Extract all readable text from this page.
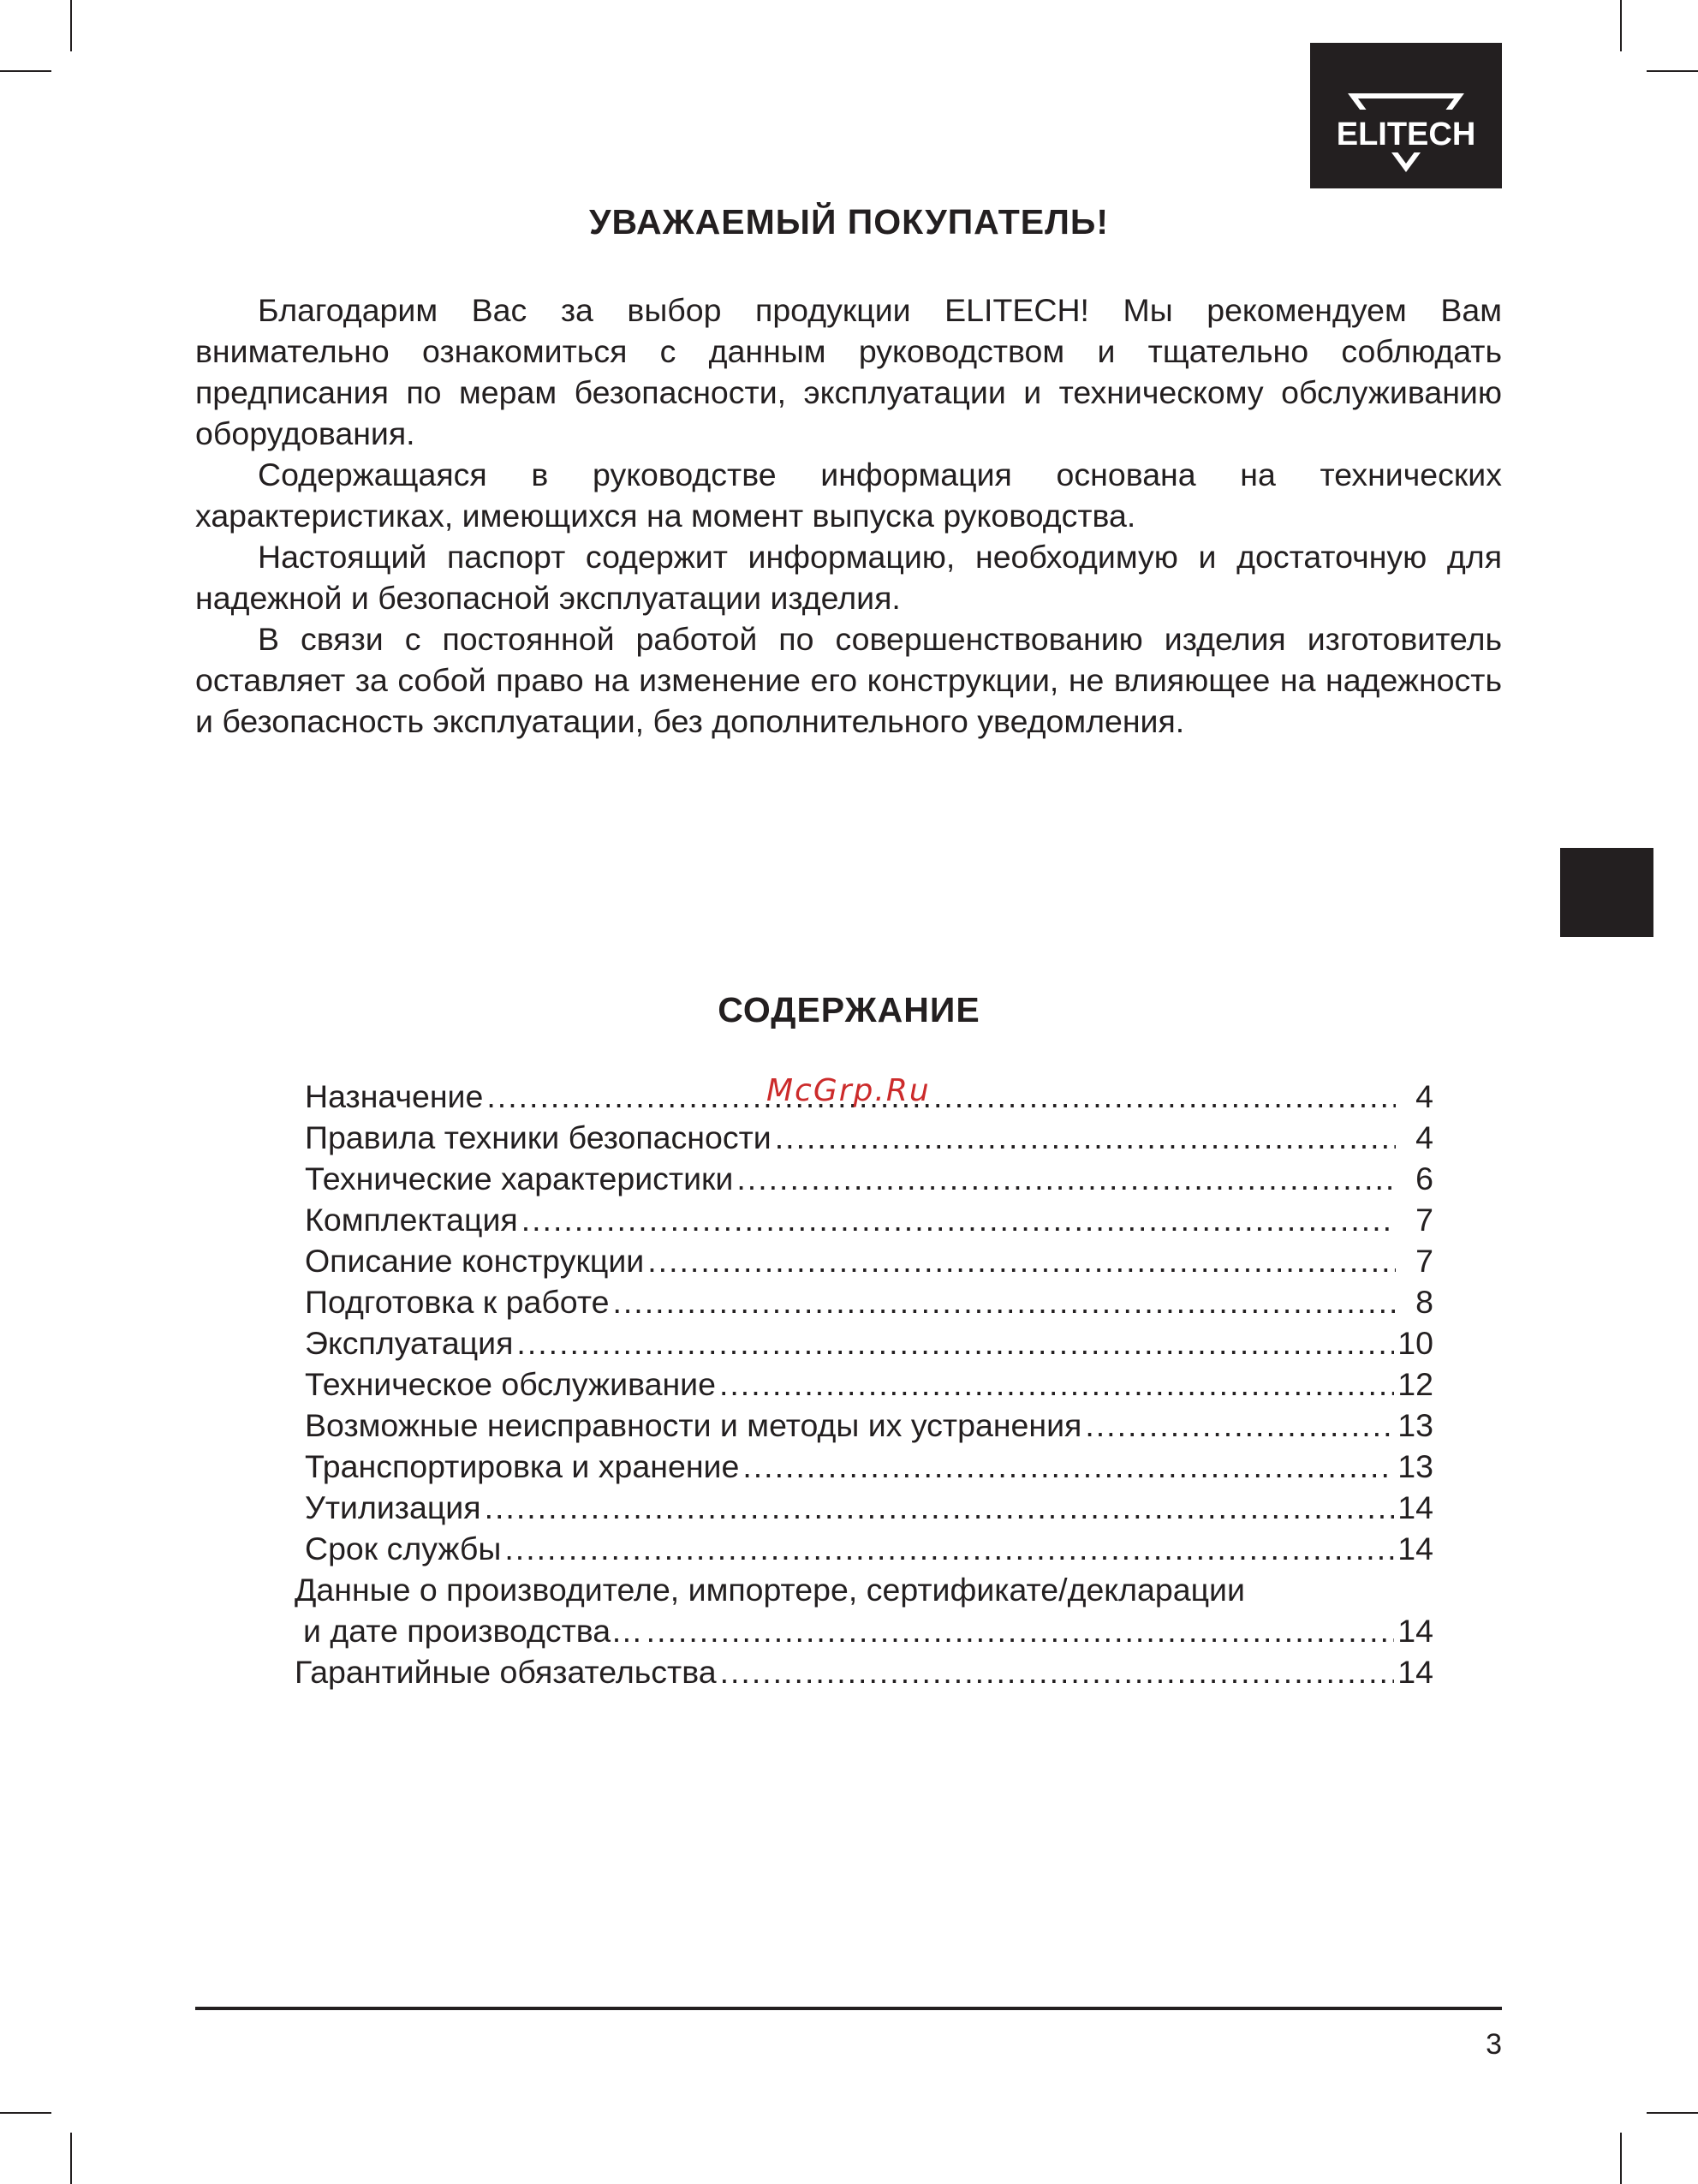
ELITECH
УВАЖАЕМЫЙ ПОКУПАТЕЛЬ!

Благодарим Вас за выбор продукции ELITECH! Мы рекомендуем Вам внимательно ознакомиться с данным руководством и тщательно соблюдать предписания по мерам безопасности, эксплуатации и техническому обслуживанию оборудования.

Содержащаяся в руководстве информация основана на технических характеристиках, имеющихся на момент выпуска руководства.

Настоящий паспорт содержит информацию, необходимую и достаточную для надежной и безопасной эксплуатации изделия.

В связи с постоянной работой по совершенствованию изделия изготовитель оставляет за собой право на изменение его конструкции, не влияющее на надежность и безопасность эксплуатации, без дополнительного уведомления.

СОДЕРЖАНИЕ
Назначение .....	4
Правила техники безопасности .....	4
Технические характеристики .....	6
Комплектация .....	7
Описание конструкции .....	7
Подготовка к работе .....	8
Эксплуатация .....	10
Техническое обслуживание .....	12
Возможные неисправности и методы их устранения .....	13
Транспортировка и хранение .....	13
Утилизация .....	14
Срок службы .....	14
Данные о производителе, импортере, сертификате/декларации
и дате производства… .....	14
Гарантийные обязательства .....	14
McGrp.Ru
3
